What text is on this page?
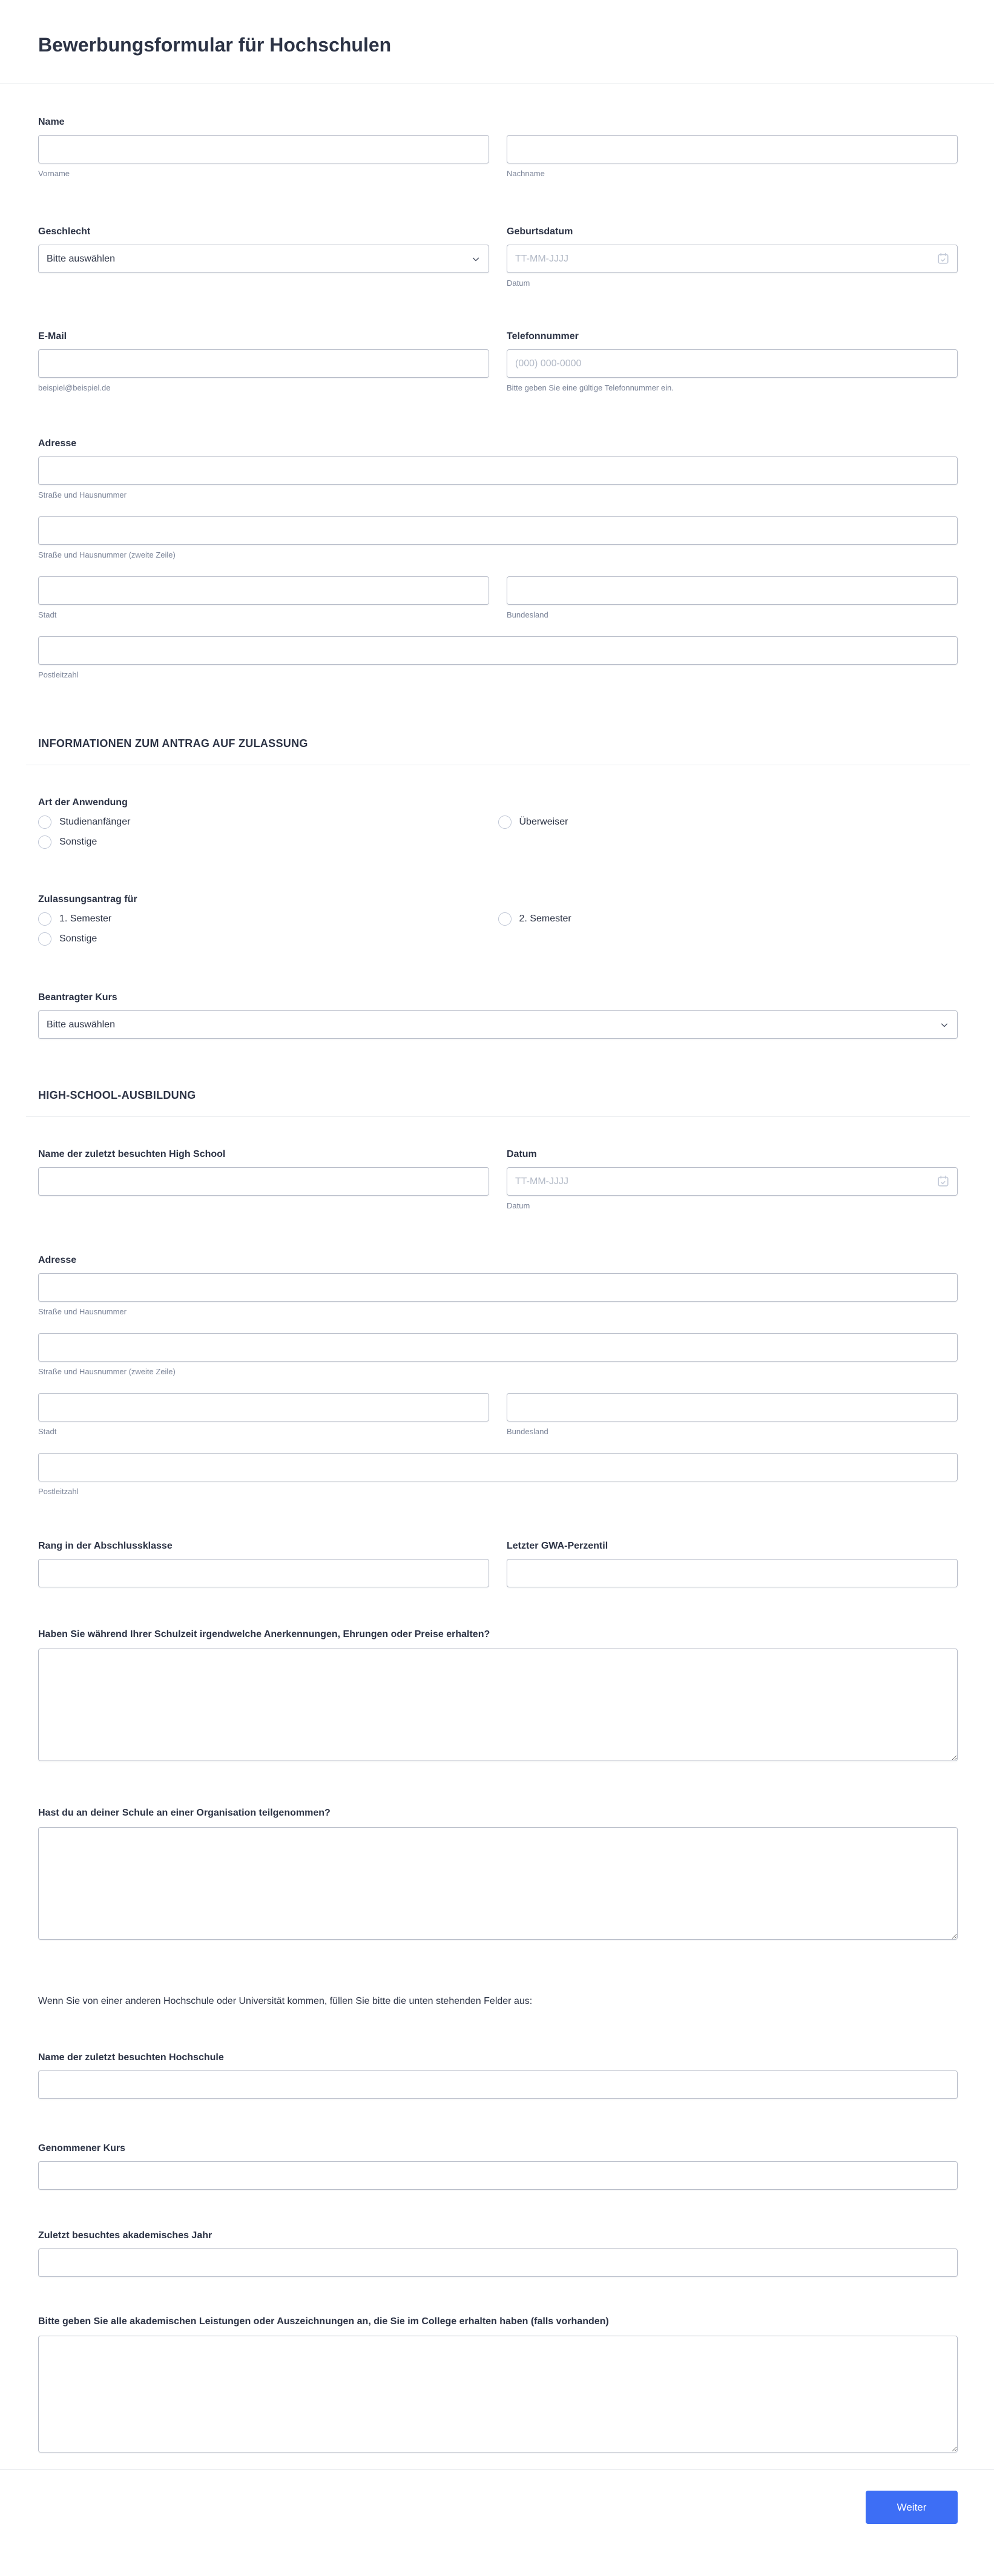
Bewerbungsformular für Hochschulen
Name
Vorname	Nachname
Geschlecht
Bitte auswählen
Geburtsdatum
TT-MM-JJJJ
Datum
E-Mail
beispiel@beispiel.de
Telefonnummer
(000) 000-0000
Bitte geben Sie eine gültige Telefonnummer ein.
Adresse
Straße und Hausnummer
Straße und Hausnummer (zweite Zeile)
Stadt	Bundesland
Postleitzahl
INFORMATIONEN ZUM ANTRAG AUF ZULASSUNG
Art der Anwendung
Studienanfänger	Überweiser
Sonstige
Zulassungsantrag für
1. Semester	2. Semester
Sonstige
Beantragter Kurs
Bitte auswählen
HIGH-SCHOOL-AUSBILDUNG
Name der zuletzt besuchten High School	Datum
TT-MM-JJJJ
Datum
Adresse
Straße und Hausnummer
Straße und Hausnummer (zweite Zeile)
Stadt	Bundesland
Postleitzahl
Rang in der Abschlussklasse	Letzter GWA-Perzentil
Haben Sie während Ihrer Schulzeit irgendwelche Anerkennungen, Ehrungen oder Preise erhalten?
Hast du an deiner Schule an einer Organisation teilgenommen?
Wenn Sie von einer anderen Hochschule oder Universität kommen, füllen Sie bitte die unten stehenden Felder aus:
Name der zuletzt besuchten Hochschule
Genommener Kurs
Zuletzt besuchtes akademisches Jahr
Bitte geben Sie alle akademischen Leistungen oder Auszeichnungen an, die Sie im College erhalten haben (falls vorhanden)
Weiter
